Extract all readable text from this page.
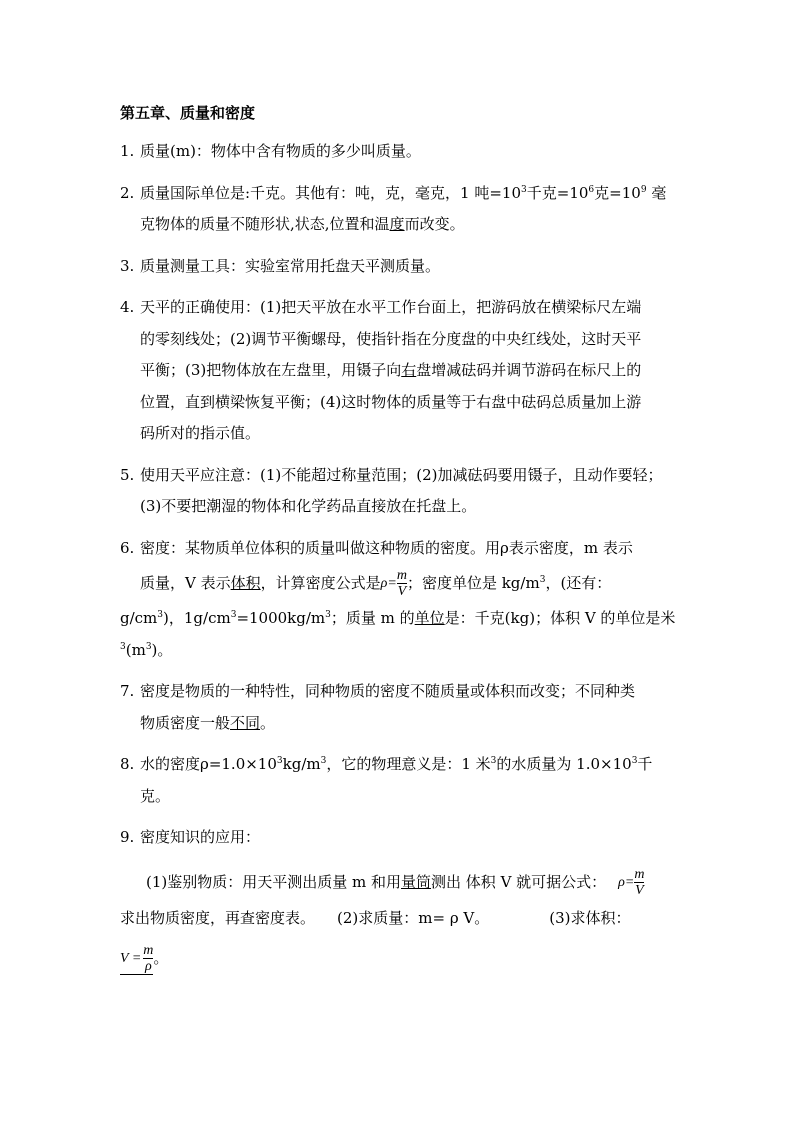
第五章、质量和密度
1. 质量(m)：物体中含有物质的多少叫质量。
2. 质量国际单位是:千克。其他有：吨，克，毫克，1 吨$=10^3$千克$=10^6$克$=10^9$ 毫
克物体的质量不随形状,状态,位置和温度而改变。
3. 质量测量工具：实验室常用托盘天平测质量。
4. 天平的正确使用：(1)把天平放在水平工作台面上，把游码放在横梁标尺左端
的零刻线处；(2)调节平衡螺母，使指针指在分度盘的中央红线处，这时天平
平衡；(3)把物体放在左盘里，用镊子向右盘增减砝码并调节游码在标尺上的
位置，直到横梁恢复平衡；(4)这时物体的质量等于右盘中砝码总质量加上游
码所对的指示值。
5. 使用天平应注意：(1)不能超过称量范围；(2)加减砝码要用镊子，且动作要轻；
(3)不要把潮湿的物体和化学药品直接放在托盘上。
6. 密度：某物质单位体积的质量叫做这种物质的密度。用ρ表示密度，m 表示
质量，V 表示体积，计算密度公式是$\rho= \frac{m}{V}$ ；密度单位是 $kg/m^3$，(还有：
$g/cm^3$)，$1g/cm^3=1000kg/m^3$；质量 m 的单位是：千克(kg)；体积 V 的单位是米
$^3(m^3)$。
7. 密度是物质的一种特性，同种物质的密度不随质量或体积而改变；不同种类
物质密度一般不同。
8. 水的密度$\rho=1.0\times 10^3kg/m^3$，它的物理意义是：1 米$^3$的水质量为 $1.0\times 10^3$千
克。
9. 密度知识的应用：
(1)鉴别物质：用天平测出质量 m 和用量筒测出 体积 V 就可据公式： $\rho= \frac{m}{V}$
求出物质密度，再查密度表。 (2)求质量：m= ρ V。	(3)求体积：
$V = \frac{m}{\rho}$ 。
